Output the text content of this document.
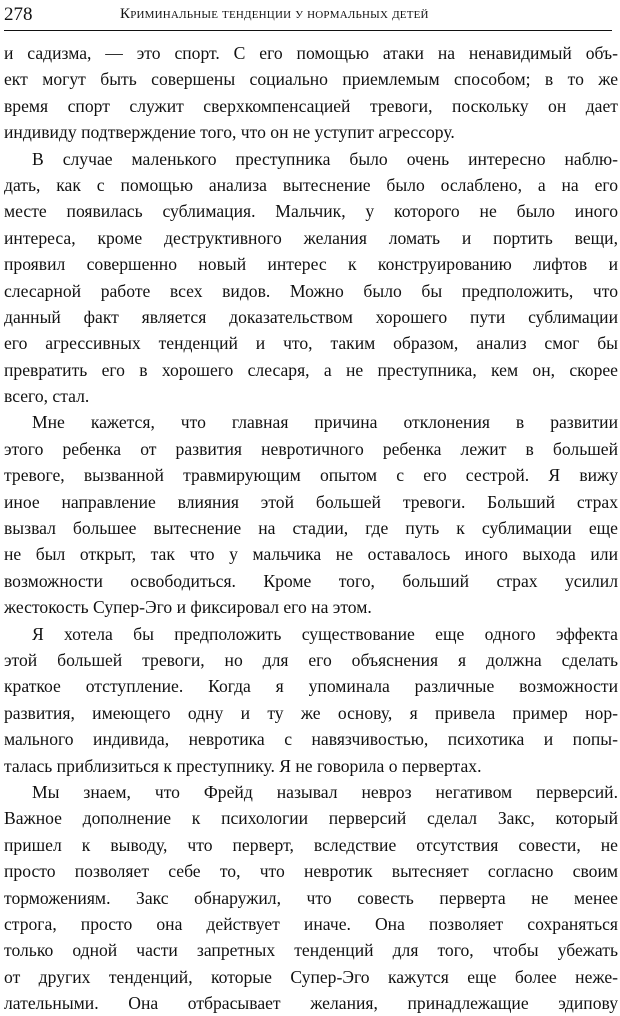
278	Криминальные тенденции у нормальных детей
и садизма, — это спорт. С его помощью атаки на ненавидимый объ-
ект могут быть совершены социально приемлемым способом; в то же
время спорт служит сверхкомпенсацией тревоги, поскольку он дает
индивиду подтверждение того, что он не уступит агрессору.
В случае маленького преступника было очень интересно наблю-
дать, как с помощью анализа вытеснение было ослаблено, а на его
месте появилась сублимация. Мальчик, у которого не было иного
интереса, кроме деструктивного желания ломать и портить вещи,
проявил совершенно новый интерес к конструированию лифтов и
слесарной работе всех видов. Можно было бы предположить, что
данный факт является доказательством хорошего пути сублимации
его агрессивных тенденций и что, таким образом, анализ смог бы
превратить его в хорошего слесаря, а не преступника, кем он, скорее
всего, стал.
Мне кажется, что главная причина отклонения в развитии
этого ребенка от развития невротичного ребенка лежит в большей
тревоге, вызванной травмирующим опытом с его сестрой. Я вижу
иное направление влияния этой большей тревоги. Больший страх
вызвал большее вытеснение на стадии, где путь к сублимации еще
не был открыт, так что у мальчика не оставалось иного выхода или
возможности освободиться. Кроме того, больший страх усилил
жестокость Супер-Эго и фиксировал его на этом.
Я хотела бы предположить существование еще одного эффекта
этой большей тревоги, но для его объяснения я должна сделать
краткое отступление. Когда я упоминала различные возможности
развития, имеющего одну и ту же основу, я привела пример нор-
мального индивида, невротика с навязчивостью, психотика и попы-
талась приблизиться к преступнику. Я не говорила о первертах.
Мы знаем, что Фрейд называл невроз негативом перверсий.
Важное дополнение к психологии перверсий сделал Закс, который
пришел к выводу, что перверт, вследствие отсутствия совести, не
просто позволяет себе то, что невротик вытесняет согласно своим
торможениям. Закс обнаружил, что совесть перверта не менее
строга, просто она действует иначе. Она позволяет сохраняться
только одной части запретных тенденций для того, чтобы убежать
от других тенденций, которые Супер-Эго кажутся еще более неже-
лательными. Она отбрасывает желания, принадлежащие эдипову
